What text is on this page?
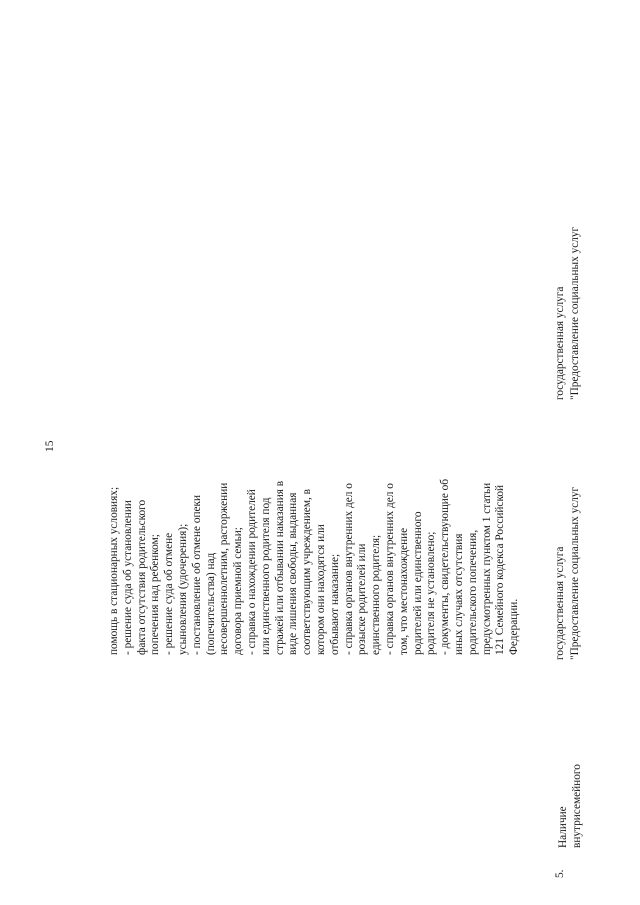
15
помощь в стационарных условиях; - решение суда об установлении факта отсутствия родительского попечения над ребенком; - решение суда об отмене усыновления (удочерения); - постановление об отмене опеки (попечительства) над несовершеннолетним, расторжении договора приемной семьи; - справка о нахождении родителей или единственного родителя под стражей или отбывании наказания в виде лишения свободы, выданная соответствующим учреждением, в котором они находятся или отбывают наказание; - справка органов внутренних дел о розыске родителей или единственного родителя; - справка органов внутренних дел о том, что местонахождение родителей или единственного родителя не установлено; - документы, свидетельствующие об иных случаях отсутствия родительского попечения, предусмотренных пунктом 1 статьи 121 Семейного кодекса Российской Федерации.
государственная услуга "Предоставление социальных услуг
5.
Наличие внутрисемейного
государственная услуга "Предоставление социальных услуг
